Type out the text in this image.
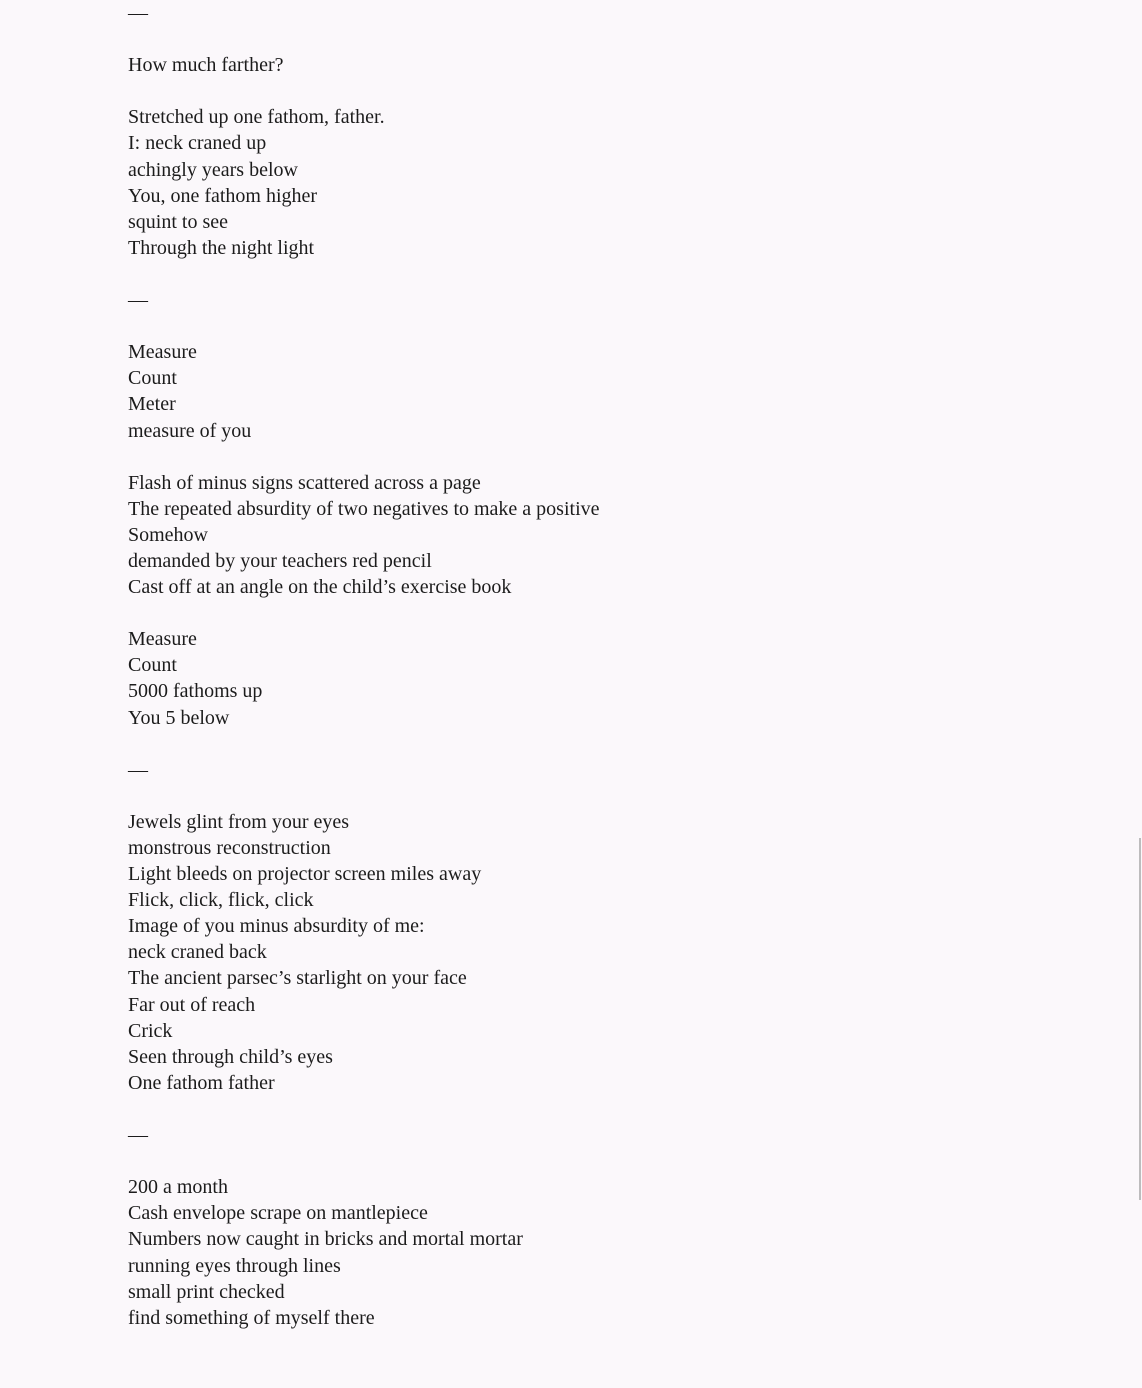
—
How much farther?
Stretched up one fathom, father.
I: neck craned up
achingly years below
You, one fathom higher
squint to see
Through the night light
—
Measure
Count
Meter
measure of you
Flash of minus signs scattered across a page
The repeated absurdity of two negatives to make a positive
Somehow
demanded by your teachers red pencil
Cast off at an angle on the child’s exercise book
Measure
Count
5000 fathoms up
You 5 below
—
Jewels glint from your eyes
monstrous reconstruction
Light bleeds on projector screen miles away
Flick, click, flick, click
Image of you minus absurdity of me:
neck craned back
The ancient parsec’s starlight on your face
Far out of reach
Crick
Seen through child’s eyes
One fathom father
—
200 a month
Cash envelope scrape on mantlepiece
Numbers now caught in bricks and mortal mortar
running eyes through lines
small print checked
find something of myself there
